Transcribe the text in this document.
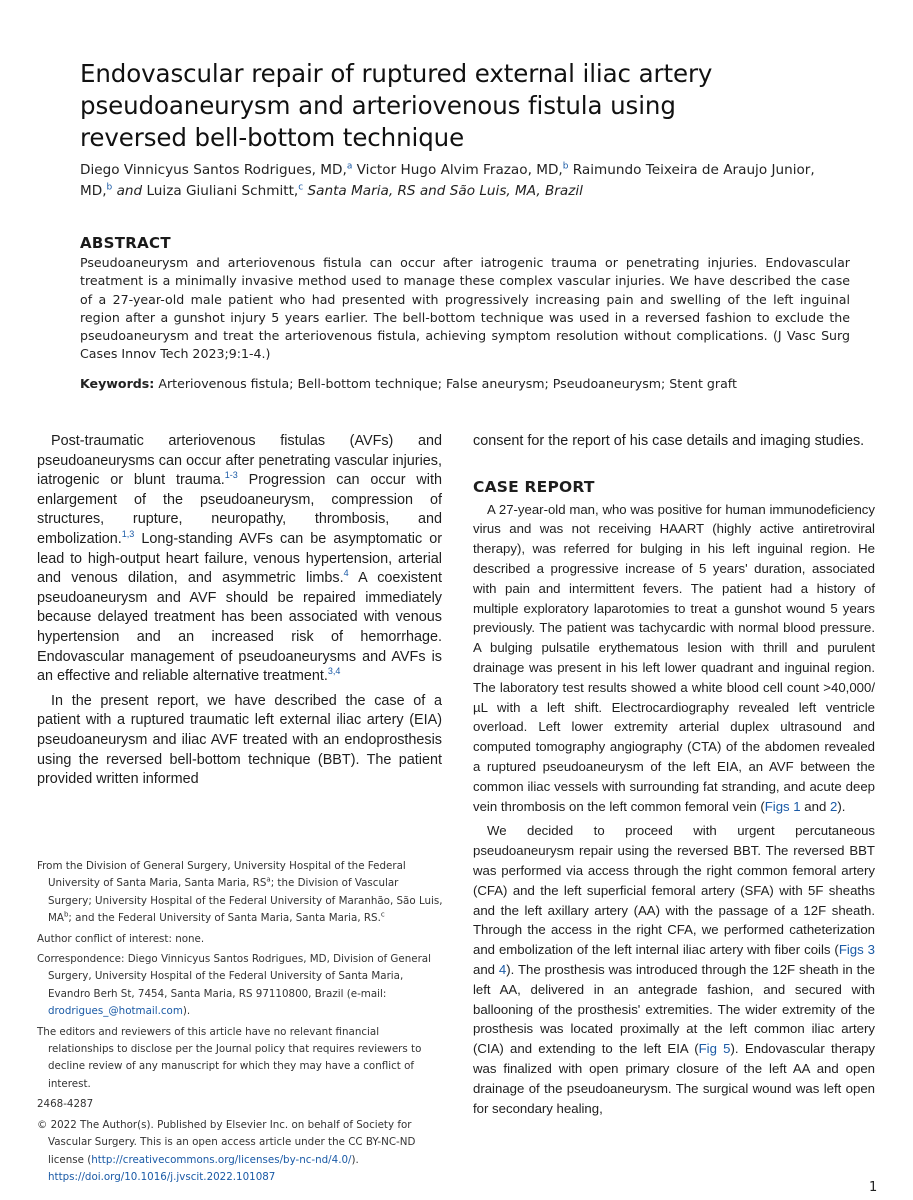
Endovascular repair of ruptured external iliac artery pseudoaneurysm and arteriovenous fistula using reversed bell-bottom technique
Diego Vinnicyus Santos Rodrigues, MD,$^a$ Victor Hugo Alvim Frazao, MD,$^b$ Raimundo Teixeira de Araujo Junior, MD,$^b$ and Luiza Giuliani Schmitt,$^c$ Santa Maria, RS and São Luis, MA, Brazil
ABSTRACT

Pseudoaneurysm and arteriovenous fistula can occur after iatrogenic trauma or penetrating injuries. Endovascular treatment is a minimally invasive method used to manage these complex vascular injuries. We have described the case of a 27-year-old male patient who had presented with progressively increasing pain and swelling of the left inguinal region after a gunshot injury 5 years earlier. The bell-bottom technique was used in a reversed fashion to exclude the pseudoaneurysm and treat the arteriovenous fistula, achieving symptom resolution without complications. (J Vasc Surg Cases Innov Tech 2023;9:1-4.)

Keywords: Arteriovenous fistula; Bell-bottom technique; False aneurysm; Pseudoaneurysm; Stent graft

Post-traumatic arteriovenous fistulas (AVFs) and pseudoaneurysms can occur after penetrating vascular injuries, iatrogenic or blunt trauma.$^{1-3}$ Progression can occur with enlargement of the pseudoaneurysm, compression of structures, rupture, neuropathy, thrombosis, and embolization.$^{1,3}$ Long-standing AVFs can be asymptomatic or lead to high-output heart failure, venous hypertension, arterial and venous dilation, and asymmetric limbs.$^4$ A coexistent pseudoaneurysm and AVF should be repaired immediately because delayed treatment has been associated with venous hypertension and an increased risk of hemorrhage. Endovascular management of pseudoaneurysms and AVFs is an effective and reliable alternative treatment.$^{3,4}$

In the present report, we have described the case of a patient with a ruptured traumatic left external iliac artery (EIA) pseudoaneurysm and iliac AVF treated with an endoprosthesis using the reversed bell-bottom technique (BBT). The patient provided written informed

consent for the report of his case details and imaging studies.

CASE REPORT

A 27-year-old man, who was positive for human immunodeficiency virus and was not receiving HAART (highly active antiretroviral therapy), was referred for bulging in his left inguinal region. He described a progressive increase of 5 years' duration, associated with pain and intermittent fevers. The patient had a history of multiple exploratory laparotomies to treat a gunshot wound 5 years previously. The patient was tachycardic with normal blood pressure. A bulging pulsatile erythematous lesion with thrill and purulent drainage was present in his left lower quadrant and inguinal region. The laboratory test results showed a white blood cell count >40,000/µL with a left shift. Electrocardiography revealed left ventricle overload. Left lower extremity arterial duplex ultrasound and computed tomography angiography (CTA) of the abdomen revealed a ruptured pseudoaneurysm of the left EIA, an AVF between the common iliac vessels with surrounding fat stranding, and acute deep vein thrombosis on the left common femoral vein (Figs 1 and 2).

We decided to proceed with urgent percutaneous pseudoaneurysm repair using the reversed BBT. The reversed BBT was performed via access through the right common femoral artery (CFA) and the left superficial femoral artery (SFA) with 5F sheaths and the left axillary artery (AA) with the passage of a 12F sheath. Through the access in the right CFA, we performed catheterization and embolization of the left internal iliac artery with fiber coils (Figs 3 and 4). The prosthesis was introduced through the 12F sheath in the left AA, delivered in an antegrade fashion, and secured with ballooning of the prosthesis' extremities. The wider extremity of the prosthesis was located proximally at the left common iliac artery (CIA) and extending to the left EIA (Fig 5). Endovascular therapy was finalized with open primary closure of the left AA and open drainage of the pseudoaneurysm. The surgical wound was left open for secondary healing,

From the Division of General Surgery, University Hospital of the Federal University of Santa Maria, Santa Maria, $RS^a$; the Division of Vascular Surgery; University Hospital of the Federal University of Maranhão, São Luis, $MA^b$; and the Federal University of Santa Maria, Santa Maria, RS.$^c$

Author conflict of interest: none.

Correspondence: Diego Vinnicyus Santos Rodrigues, MD, Division of General Surgery, University Hospital of the Federal University of Santa Maria, Evandro Berh St, 7454, Santa Maria, RS 97110800, Brazil (e-mail: drodrigues_@hotmail.com).

The editors and reviewers of this article have no relevant financial relationships to disclose per the Journal policy that requires reviewers to decline review of any manuscript for which they may have a conflict of interest.

2468-4287

© 2022 The Author(s). Published by Elsevier Inc. on behalf of Society for Vascular Surgery. This is an open access article under the CC BY-NC-ND license (http://creativecommons.org/licenses/by-nc-nd/4.0/).
https://doi.org/10.1016/j.jvscit.2022.101087

1
